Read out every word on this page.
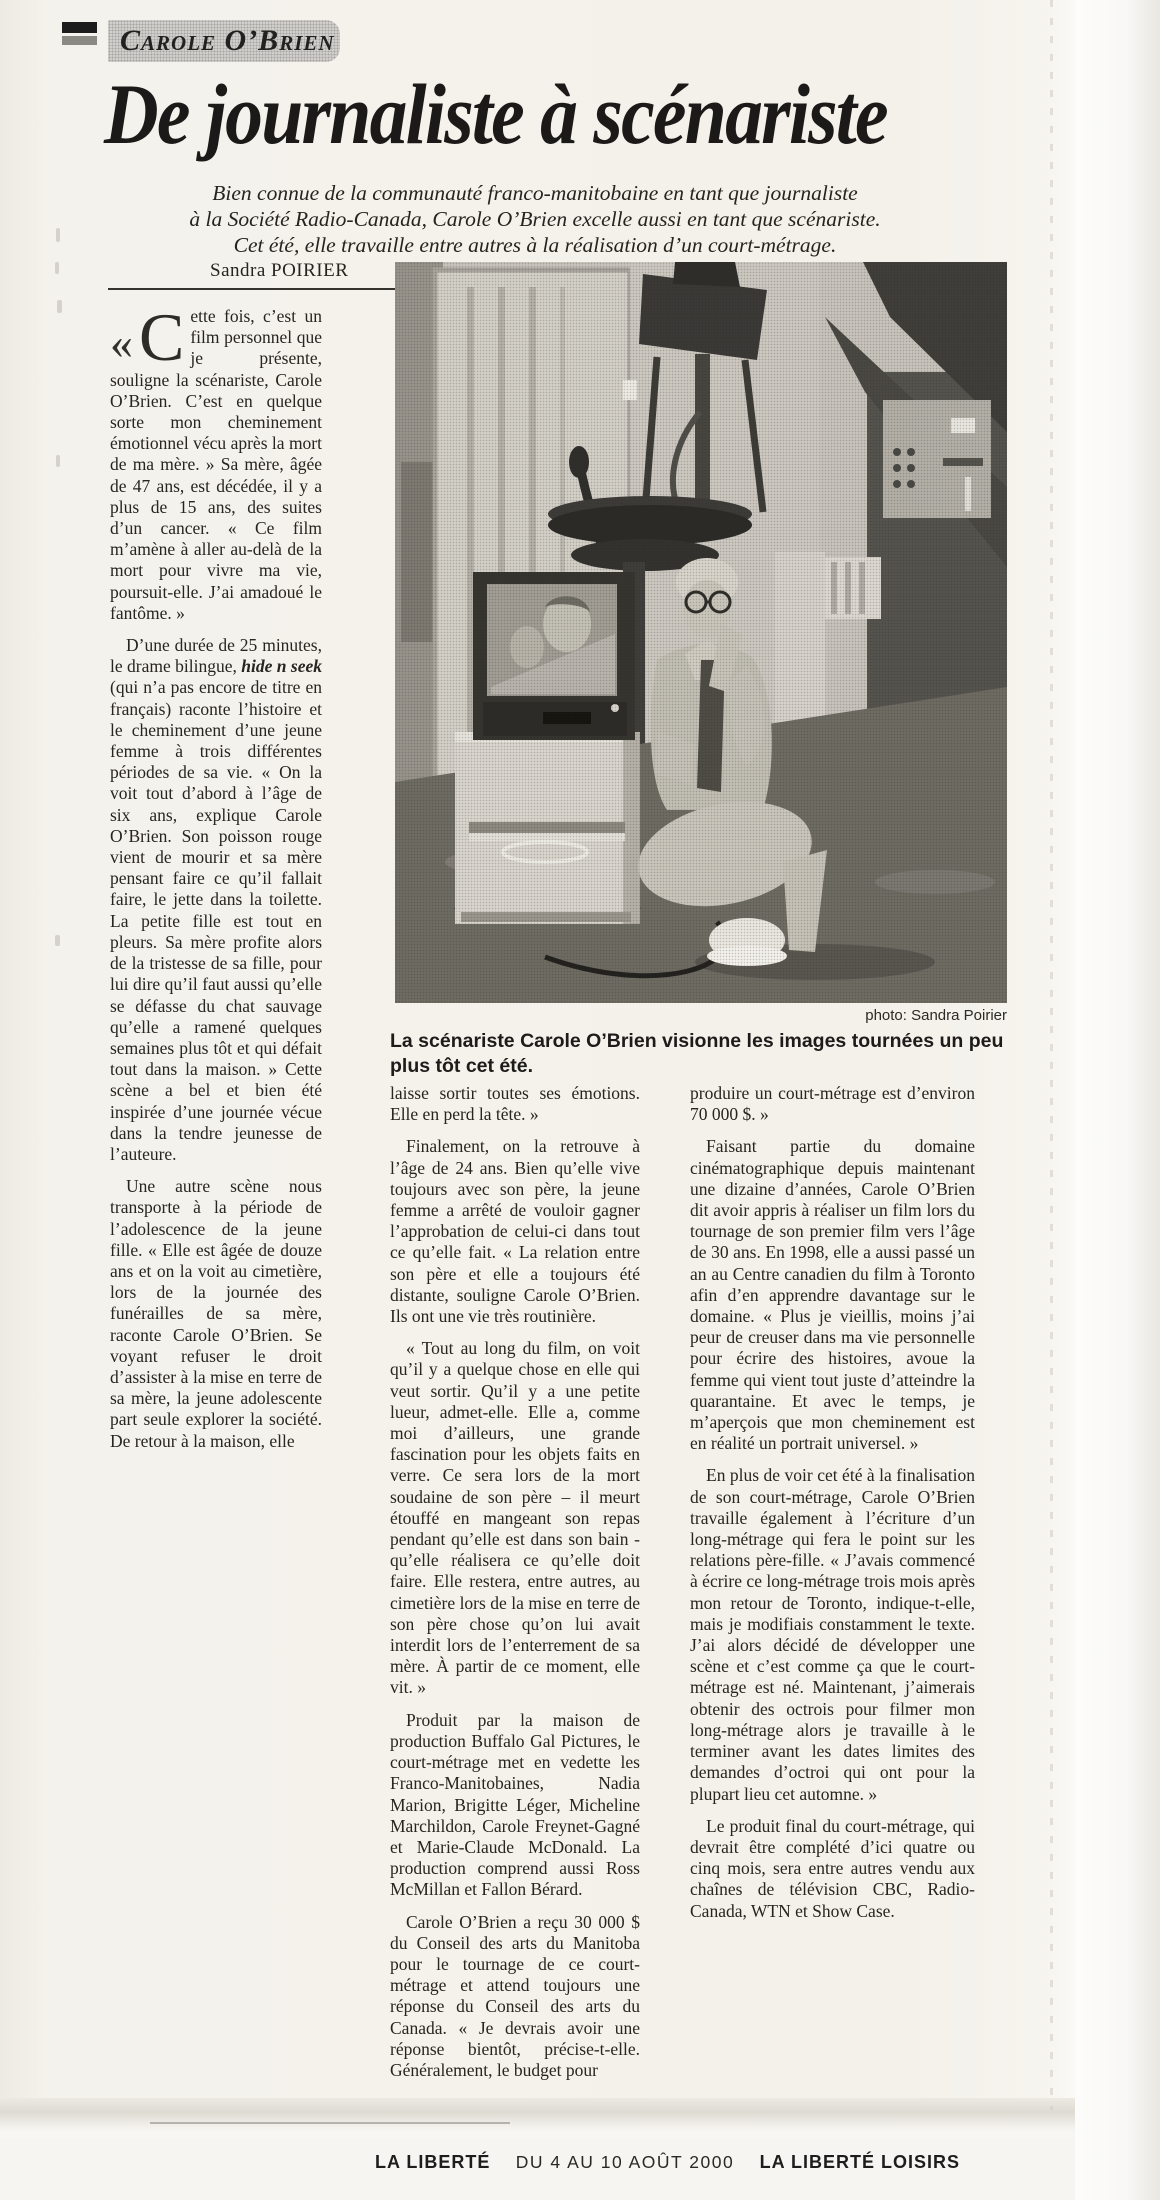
Carole O’Brien
De journaliste à scénariste
Bien connue de la communauté franco-manitobaine en tant que journaliste
à la Société Radio-Canada, Carole O’Brien excelle aussi en tant que scénariste.
Cet été, elle travaille entre autres à la réalisation d’un court-métrage.
Sandra POIRIER
photo: Sandra Poirier
La scénariste Carole O’Brien visionne les images tournées un peu plus tôt cet été.

« C ette fois, c’est un film personnel que je présente, souligne la scénariste, Carole O’Brien. C’est en quelque sorte mon cheminement émotionnel vécu après la mort de ma mère. » Sa mère, âgée de 47 ans, est décédée, il y a plus de 15 ans, des suites d’un cancer. « Ce film m’amène à aller au-delà de la mort pour vivre ma vie, poursuit-elle. J’ai amadoué le fantôme. »

D’une durée de 25 minutes, le drame bilingue, hide n seek (qui n’a pas encore de titre en français) raconte l’histoire et le cheminement d’une jeune femme à trois différentes périodes de sa vie. « On la voit tout d’abord à l’âge de six ans, explique Carole O’Brien. Son poisson rouge vient de mourir et sa mère pensant faire ce qu’il fallait faire, le jette dans la toilette. La petite fille est tout en pleurs. Sa mère profite alors de la tristesse de sa fille, pour lui dire qu’il faut aussi qu’elle se défasse du chat sauvage qu’elle a ramené quelques semaines plus tôt et qui défait tout dans la maison. » Cette scène a bel et bien été inspirée d’une journée vécue dans la tendre jeunesse de l’auteure.

Une autre scène nous transporte à la période de l’adolescence de la jeune fille. « Elle est âgée de douze ans et on la voit au cimetière, lors de la journée des funérailles de sa mère, raconte Carole O’Brien. Se voyant refuser le droit d’assister à la mise en terre de sa mère, la jeune adolescente part seule explorer la société. De retour à la maison, elle

laisse sortir toutes ses émotions. Elle en perd la tête. »

Finalement, on la retrouve à l’âge de 24 ans. Bien qu’elle vive toujours avec son père, la jeune femme a arrêté de vouloir gagner l’approbation de celui-ci dans tout ce qu’elle fait. « La relation entre son père et elle a toujours été distante, souligne Carole O’Brien. Ils ont une vie très routinière.

« Tout au long du film, on voit qu’il y a quelque chose en elle qui veut sortir. Qu’il y a une petite lueur, admet-elle. Elle a, comme moi d’ailleurs, une grande fascination pour les objets faits en verre. Ce sera lors de la mort soudaine de son père – il meurt étouffé en mangeant son repas pendant qu’elle est dans son bain - qu’elle réalisera ce qu’elle doit faire. Elle restera, entre autres, au cimetière lors de la mise en terre de son père chose qu’on lui avait interdit lors de l’enterrement de sa mère. À partir de ce moment, elle vit. »

Produit par la maison de production Buffalo Gal Pictures, le court-métrage met en vedette les Franco-Manitobaines, Nadia Marion, Brigitte Léger, Micheline Marchildon, Carole Freynet-Gagné et Marie-Claude McDonald. La production comprend aussi Ross McMillan et Fallon Bérard.

Carole O’Brien a reçu 30 000 $ du Conseil des arts du Manitoba pour le tournage de ce court-métrage et attend toujours une réponse du Conseil des arts du Canada. « Je devrais avoir une réponse bientôt, précise-t-elle. Généralement, le budget pour

produire un court-métrage est d’environ 70 000 $. »

Faisant partie du domaine cinématographique depuis maintenant une dizaine d’années, Carole O’Brien dit avoir appris à réaliser un film lors du tournage de son premier film vers l’âge de 30 ans. En 1998, elle a aussi passé un an au Centre canadien du film à Toronto afin d’en apprendre davantage sur le domaine. « Plus je vieillis, moins j’ai peur de creuser dans ma vie personnelle pour écrire des histoires, avoue la femme qui vient tout juste d’atteindre la quarantaine. Et avec le temps, je m’aperçois que mon cheminement est en réalité un portrait universel. »

En plus de voir cet été à la finalisation de son court-métrage, Carole O’Brien travaille également à l’écriture d’un long-métrage qui fera le point sur les relations père-fille. « J’avais commencé à écrire ce long-métrage trois mois après mon retour de Toronto, indique-t-elle, mais je modifiais constamment le texte. J’ai alors décidé de développer une scène et c’est comme ça que le court-métrage est né. Maintenant, j’aimerais obtenir des octrois pour filmer mon long-métrage alors je travaille à le terminer avant les dates limites des demandes d’octroi qui ont pour la plupart lieu cet automne. »

Le produit final du court-métrage, qui devrait être complété d’ici quatre ou cinq mois, sera entre autres vendu aux chaînes de télévision CBC, Radio-Canada, WTN et Show Case.

LA LIBERTÉ DU 4 AU 10 AOÛT 2000 LA LIBERTÉ LOISIRS
